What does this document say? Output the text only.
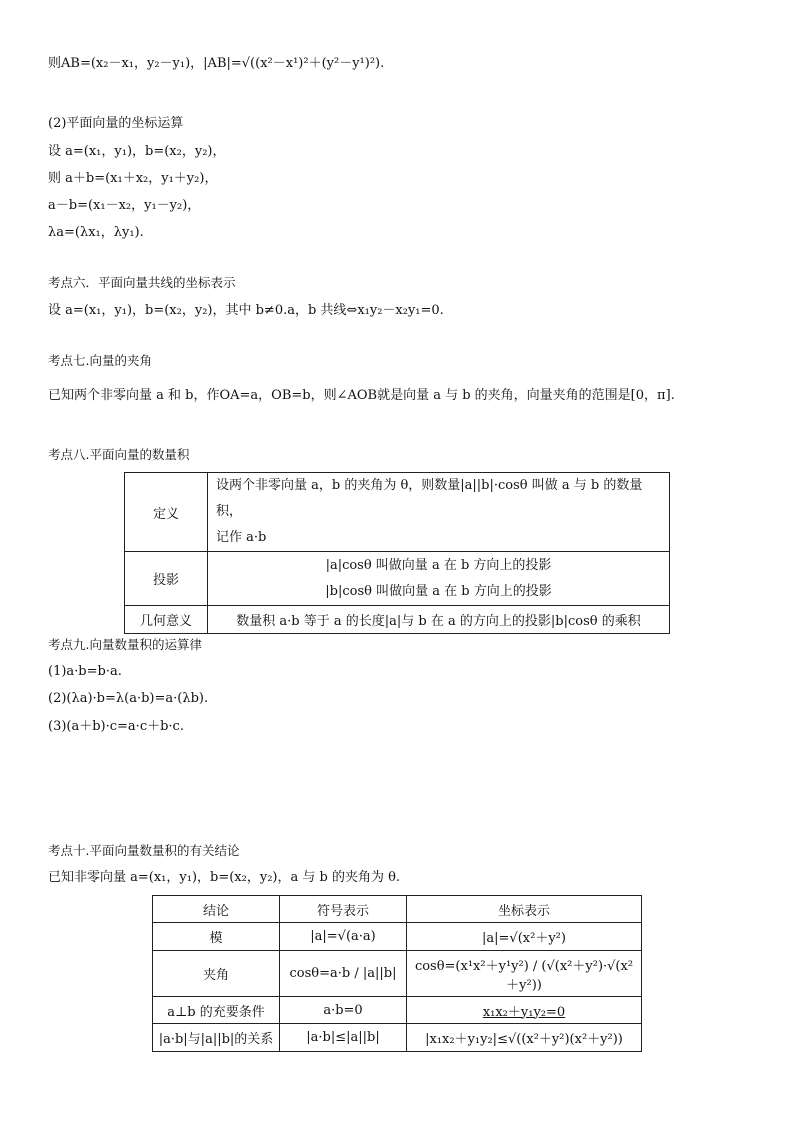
则AB=(x₂－x₁，y₂－y₁)，|AB|=√((x²－x¹)²＋(y²－y¹)²).
(2)平面向量的坐标运算
设 a=(x₁，y₁)，b=(x₂，y₂)，
则 a＋b=(x₁＋x₂，y₁＋y₂)，
a－b=(x₁－x₂，y₁－y₂)，
λa=(λx₁，λy₁).
考点六．平面向量共线的坐标表示
设 a=(x₁，y₁)，b=(x₂，y₂)，其中 b≠0.a，b 共线⇔x₁y₂－x₂y₁=0.
考点七.向量的夹角
已知两个非零向量 a 和 b，作OA=a，OB=b，则∠AOB就是向量 a 与 b 的夹角，向量夹角的范围是[0，π].
考点八.平面向量的数量积
定义	设两个非零向量 a，b 的夹角为 θ，则数量|a||b|·cosθ 叫做 a 与 b 的数量积，
记作 a·b

投影	|a|cosθ 叫做向量 a 在 b 方向上的投影
|b|cosθ 叫做向量 a 在 b 方向上的投影

几何意义	数量积 a·b 等于 a 的长度|a|与 b 在 a 的方向上的投影|b|cosθ 的乘积
考点九.向量数量积的运算律
(1)a·b=b·a.
(2)(λa)·b=λ(a·b)=a·(λb).
(3)(a＋b)·c=a·c＋b·c.
考点十.平面向量数量积的有关结论
已知非零向量 a=(x₁，y₁)，b=(x₂，y₂)，a 与 b 的夹角为 θ.
结论	符号表示	坐标表示
模	|a|=√(a·a)	|a|=√(x²＋y²)
夹角	cosθ=a·b / |a||b|	cosθ=(x¹x²＋y¹y²) / (√(x²＋y²)·√(x²＋y²))
a⊥b 的充要条件	a·b=0	x₁x₂＋y₁y₂=0
|a·b|与|a||b|的关系	|a·b|≤|a||b|	|x₁x₂＋y₁y₂|≤√((x²＋y²)(x²＋y²))
